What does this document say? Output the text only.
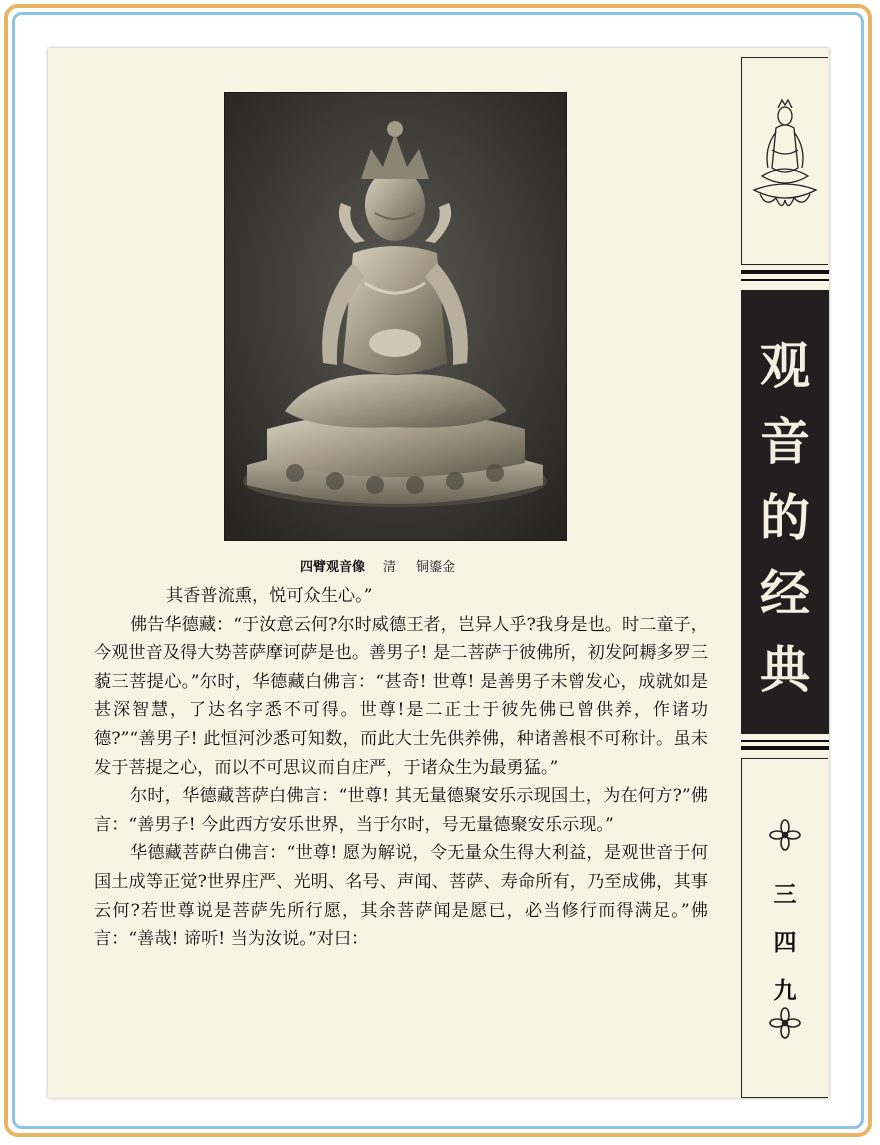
四臂观音像 清 铜鎏金

其香普流熏，悦可众生心。”

佛告华德藏：“于汝意云何?尔时威德王者，岂异人乎?我身是也。时二童子，今观世音及得大势菩萨摩诃萨是也。善男子! 是二菩萨于彼佛所，初发阿耨多罗三藐三菩提心。”尔时，华德藏白佛言：“甚奇! 世尊! 是善男子未曾发心，成就如是甚深智慧，了达名字悉不可得。世尊!是二正士于彼先佛已曾供养，作诸功德?”“善男子! 此恒河沙悉可知数，而此大士先供养佛，种诸善根不可称计。虽未发于菩提之心，而以不可思议而自庄严，于诸众生为最勇猛。”

尔时，华德藏菩萨白佛言：“世尊! 其无量德聚安乐示现国土，为在何方?”佛言：“善男子! 今此西方安乐世界，当于尔时，号无量德聚安乐示现。”

华德藏菩萨白佛言：“世尊! 愿为解说，令无量众生得大利益，是观世音于何国土成等正觉?世界庄严、光明、名号、声闻、菩萨、寿命所有，乃至成佛，其事云何?若世尊说是菩萨先所行愿，其余菩萨闻是愿已，必当修行而得满足。”佛言：“善哉! 谛听! 当为汝说。”对曰：

观
音
的
经
典
三
四
九
